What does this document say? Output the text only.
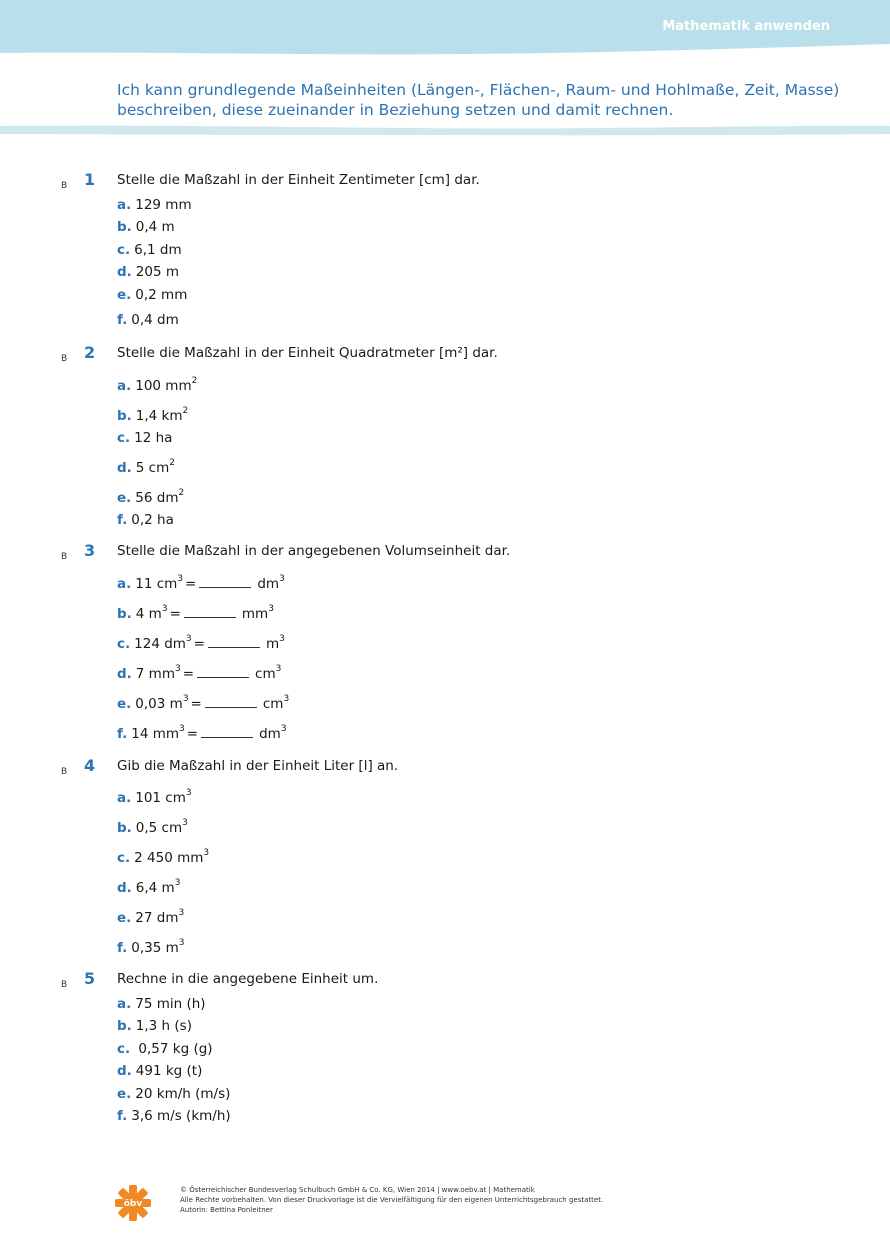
Mathematik anwenden
Ich kann grundlegende Maßeinheiten (Längen-, Flächen-, Raum- und Hohlmaße, Zeit, Masse) beschreiben, diese zueinander in Beziehung setzen und damit rechnen.
B 1 Stelle die Maßzahl in der Einheit Zentimeter [cm] dar.
a. 129 mm
b. 0,4 m
c. 6,1 dm
d. 205 m
e. 0,2 mm
f. 0,4 dm
B 2 Stelle die Maßzahl in der Einheit Quadratmeter [m²] dar.
a. 100 $mm^2$
b. 1,4 $km^2$
c. 12 ha
d. 5 $cm^2$
e. 56 $dm^2$
f. 0,2 ha
B 3 Stelle die Maßzahl in der angegebenen Volumseinheit dar.
a. 11 $cm^3$ =	$dm^3$
b. 4 $m^3$ =	$mm^3$
c. 124 $dm^3$ =	$m^3$
d. 7 $mm^3$ =	$cm^3$
e. 0,03 $m^3$ =	$cm^3$
f. 14 $mm^3$ =	$dm^3$
B 4 Gib die Maßzahl in der Einheit Liter [l] an.
a. 101 $cm^3$
b. 0,5 $cm^3$
c. 2 450 $mm^3$
d. 6,4 $m^3$
e. 27 $dm^3$
f. 0,35 $m^3$
B 5 Rechne in die angegebene Einheit um.
a. 75 min (h)
b. 1,3 h (s)
c. 0,57 kg (g)
d. 491 kg (t)
e. 20 km/h (m/s)
f. 3,6 m/s (km/h)
öbv
© Österreichischer Bundesverlag Schulbuch GmbH & Co. KG, Wien 2014 | www.oebv.at | Mathematik
Alle Rechte vorbehalten. Von dieser Druckvorlage ist die Vervielfältigung für den eigenen Unterrichtsgebrauch gestattet.
Autorin: Bettina Ponleitner
